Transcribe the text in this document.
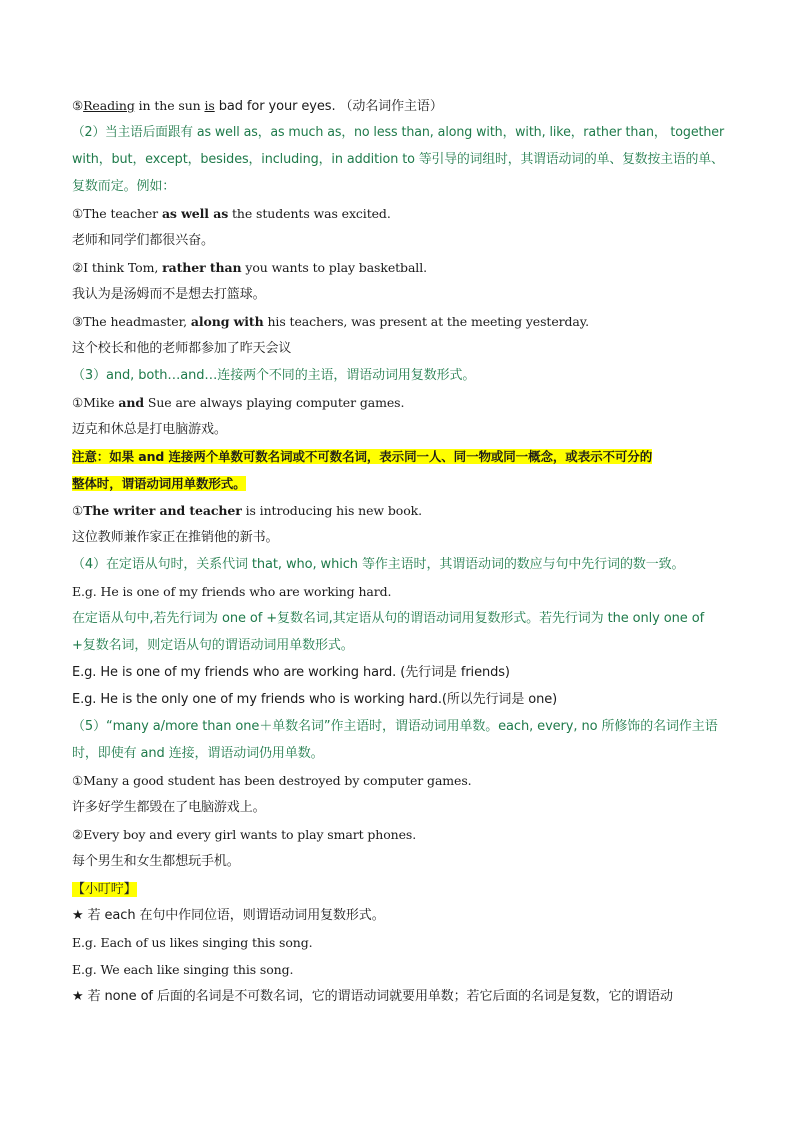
⑤Reading in the sun is bad for your eyes. （动名词作主语）
（2）当主语后面跟有 as well as，as much as，no less than, along with，with, like，rather than， together
with，but，except，besides，including，in addition to 等引导的词组时，其谓语动词的单、复数按主语的单、
复数而定。例如：
①The teacher as well as the students was excited.
老师和同学们都很兴奋。
②I think Tom, rather than you wants to play basketball.
我认为是汤姆而不是想去打篮球。
③The headmaster, along with his teachers, was present at the meeting yesterday.
这个校长和他的老师都参加了昨天会议
（3）and, both…and…连接两个不同的主语，谓语动词用复数形式。
①Mike and Sue are always playing computer games.
迈克和休总是打电脑游戏。
注意：如果 and 连接两个单数可数名词或不可数名词，表示同一人、同一物或同一概念，或表示不可分的
整体时，谓语动词用单数形式。
①The writer and teacher is introducing his new book.
这位教师兼作家正在推销他的新书。
（4）在定语从句时，关系代词 that, who, which 等作主语时，其谓语动词的数应与句中先行词的数一致。
E.g. He is one of my friends who are working hard.
在定语从句中,若先行词为 one of +复数名词,其定语从句的谓语动词用复数形式。若先行词为 the only one of
+复数名词，则定语从句的谓语动词用单数形式。
E.g. He is one of my friends who are working hard. (先行词是 friends)
E.g. He is the only one of my friends who is working hard.(所以先行词是 one)
（5）“many a/more than one＋单数名词”作主语时，谓语动词用单数。each, every, no 所修饰的名词作主语
时，即使有 and 连接，谓语动词仍用单数。
①Many a good student has been destroyed by computer games.
许多好学生都毁在了电脑游戏上。
②Every boy and every girl wants to play smart phones.
每个男生和女生都想玩手机。
【小叮咛】
★ 若 each 在句中作同位语，则谓语动词用复数形式。
E.g. Each of us likes singing this song.
E.g. We each like singing this song.
★ 若 none of 后面的名词是不可数名词，它的谓语动词就要用单数；若它后面的名词是复数，它的谓语动
